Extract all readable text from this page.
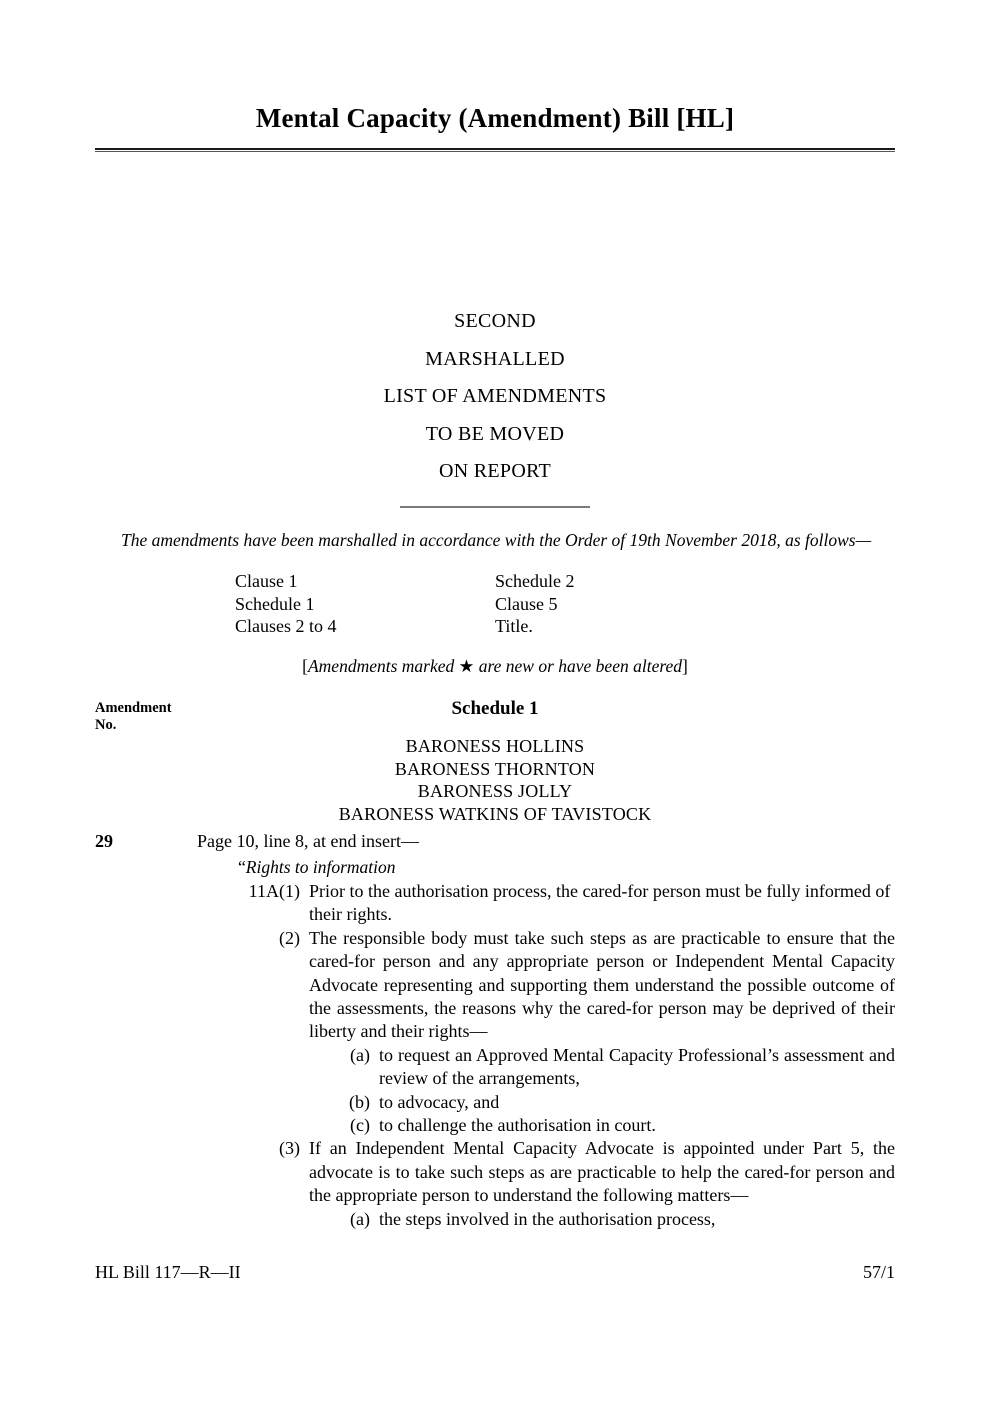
Mental Capacity (Amendment) Bill [HL]
SECOND
MARSHALLED
LIST OF AMENDMENTS
TO BE MOVED
ON REPORT
The amendments have been marshalled in accordance with the Order of 19th November 2018, as follows—
Clause 1	Schedule 2
Schedule 1	Clause 5
Clauses 2 to 4	Title.
[Amendments marked ★ are new or have been altered]
Amendment
No.
Schedule 1
BARONESS HOLLINS
BARONESS THORNTON
BARONESS JOLLY
BARONESS WATKINS OF TAVISTOCK
29	Page 10, line 8, at end insert—
“Rights to information
11A(1) Prior to the authorisation process, the cared-for person must be fully informed of their rights.
(2) The responsible body must take such steps as are practicable to ensure that the cared-for person and any appropriate person or Independent Mental Capacity Advocate representing and supporting them understand the possible outcome of the assessments, the reasons why the cared-for person may be deprived of their liberty and their rights—
(a) to request an Approved Mental Capacity Professional’s assessment and review of the arrangements,
(b) to advocacy, and
(c) to challenge the authorisation in court.
(3) If an Independent Mental Capacity Advocate is appointed under Part 5, the advocate is to take such steps as are practicable to help the cared-for person and the appropriate person to understand the following matters—
(a) the steps involved in the authorisation process,
HL Bill 117—R—II	57/1
